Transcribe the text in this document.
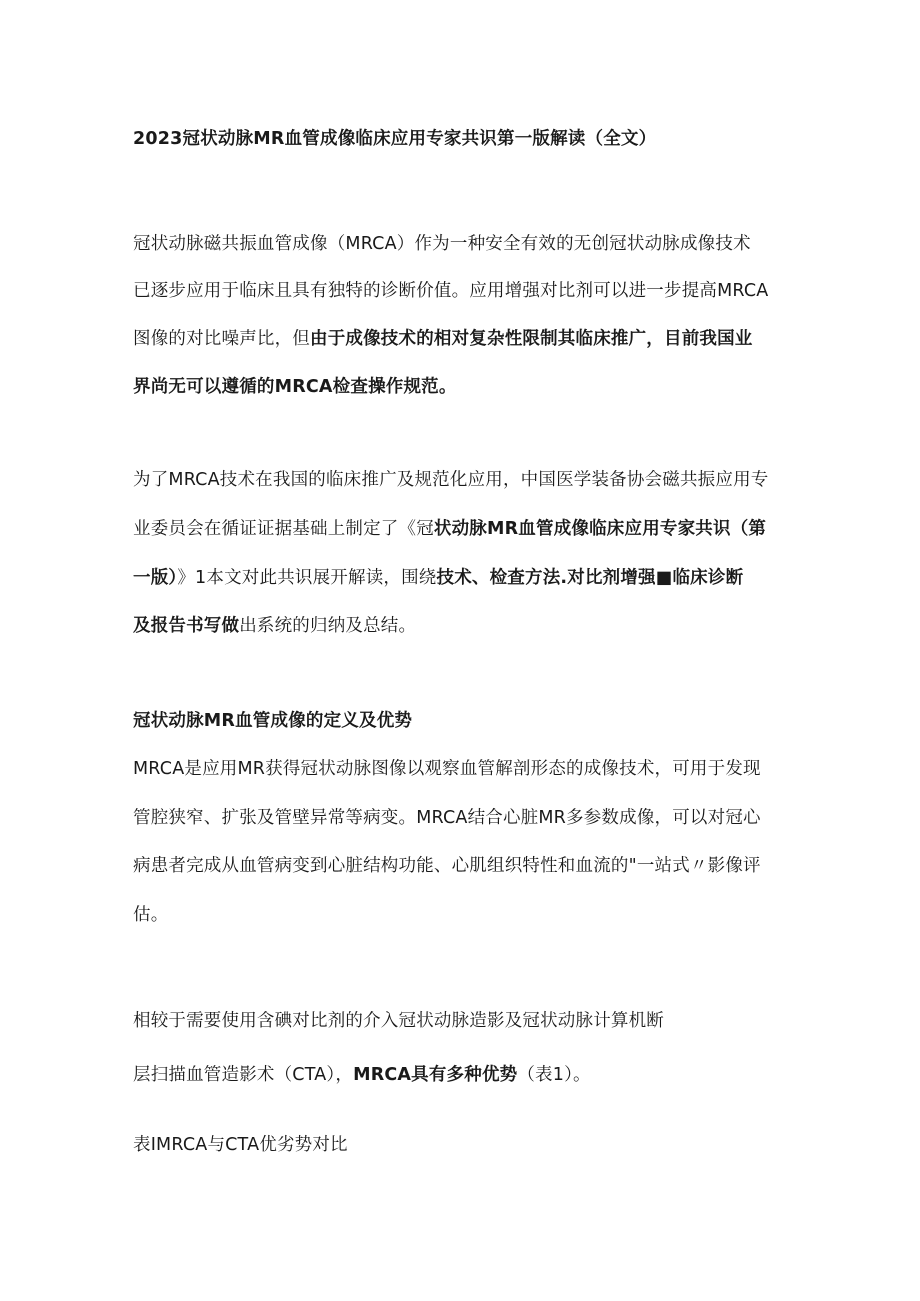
2023冠状动脉MR血管成像临床应用专家共识第一版解读（全文）
冠状动脉磁共振血管成像（MRCA）作为一种安全有效的无创冠状动脉成像技术
已逐步应用于临床且具有独特的诊断价值。应用增强对比剂可以进一步提高MRCA
图像的对比噪声比，但由于成像技术的相对复杂性限制其临床推广，目前我国业
界尚无可以遵循的MRCA检查操作规范。
为了MRCA技术在我国的临床推广及规范化应用，中国医学装备协会磁共振应用专
业委员会在循证证据基础上制定了《冠状动脉MR血管成像临床应用专家共识（第
一版）》1本文对此共识展开解读，围绕技术、检查方法.对比剂增强■临床诊断
及报告书写做出系统的归纳及总结。
冠状动脉MR血管成像的定义及优势
MRCA是应用MR获得冠状动脉图像以观察血管解剖形态的成像技术，可用于发现
管腔狭窄、扩张及管壁异常等病变。MRCA结合心脏MR多参数成像，可以对冠心
病患者完成从血管病变到心脏结构功能、心肌组织特性和血流的"一站式〃影像评
估。
相较于需要使用含碘对比剂的介入冠状动脉造影及冠状动脉计算机断
层扫描血管造影术（CTA），MRCA具有多种优势（表1）。
表IMRCA与CTA优劣势对比
